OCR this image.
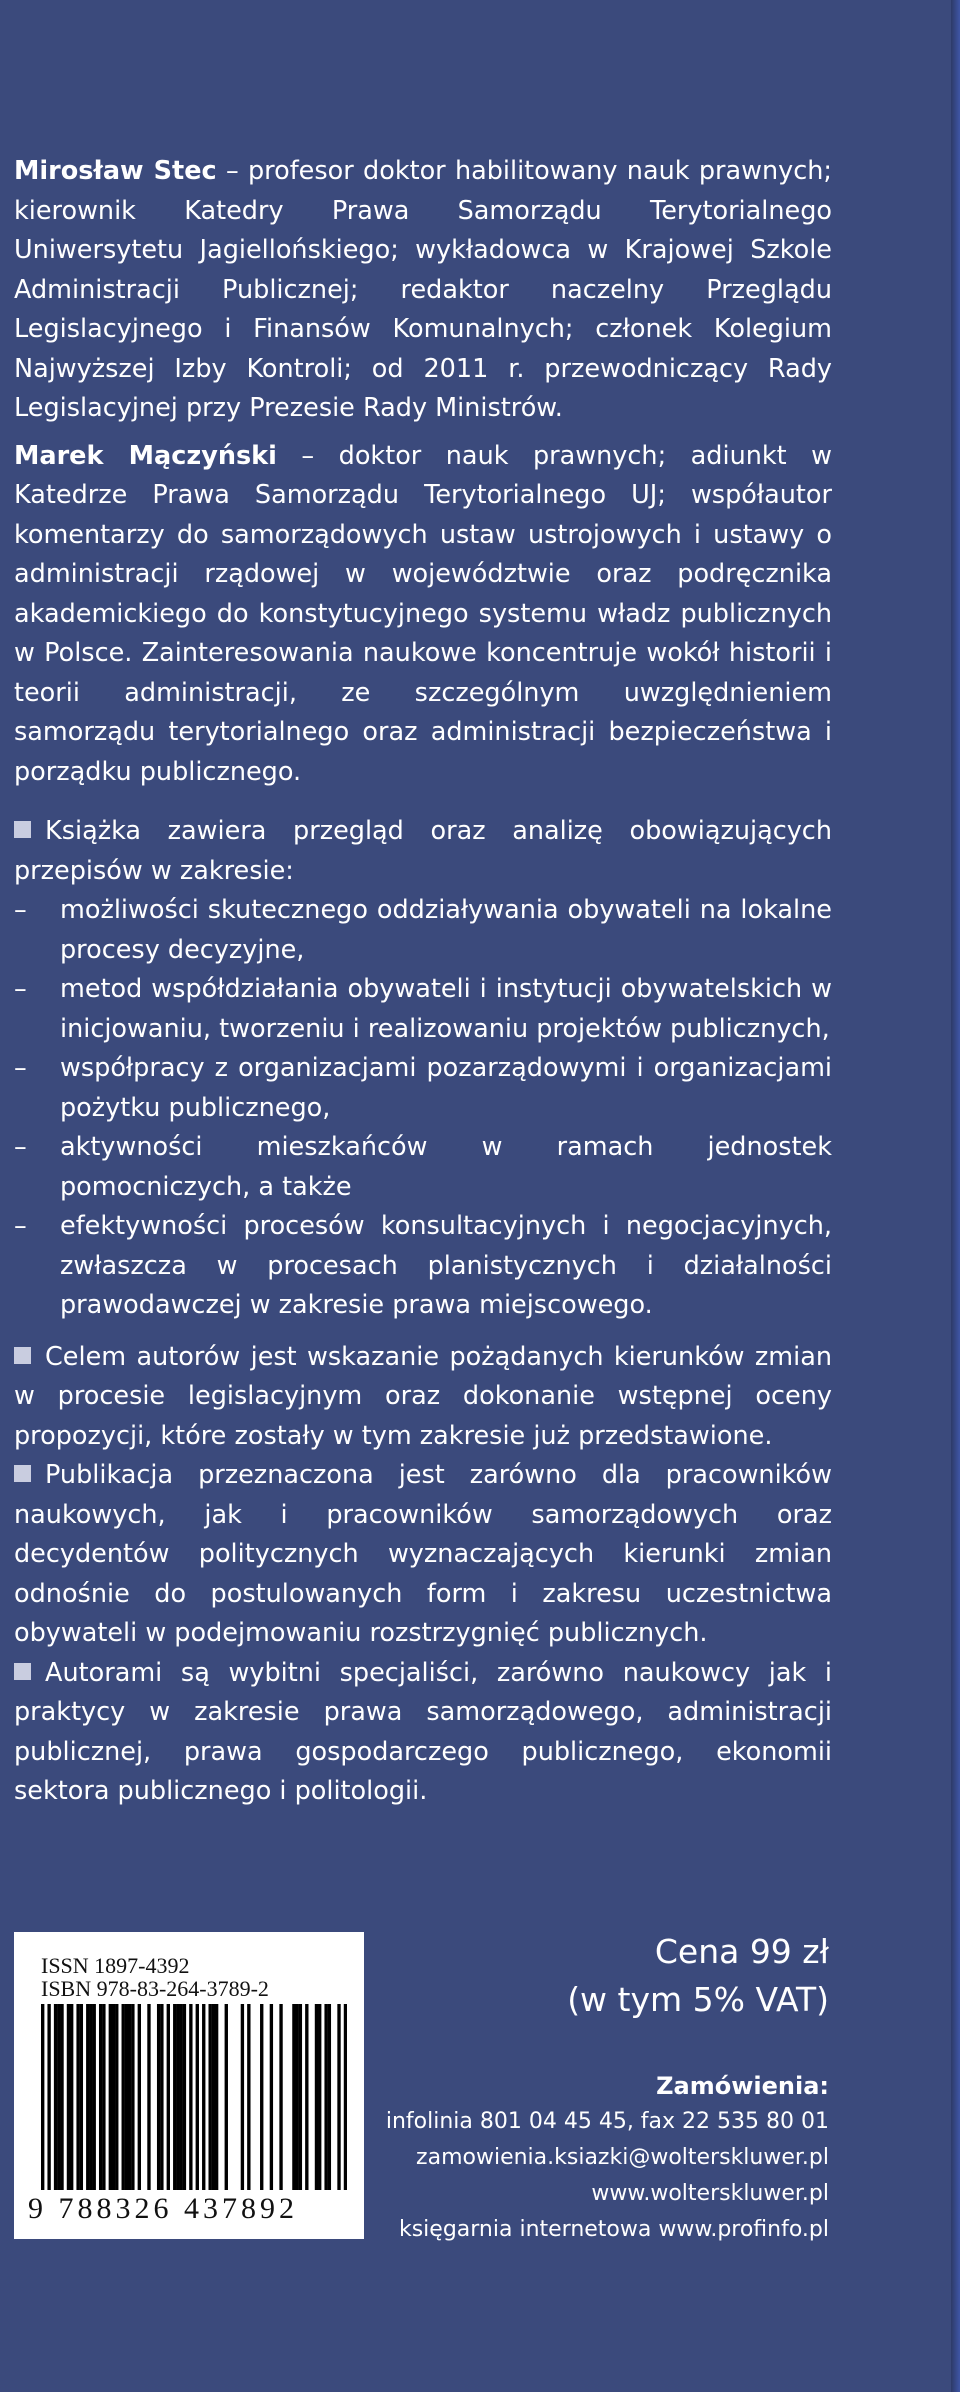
Mirosław Stec – profesor doktor habilitowany nauk prawnych; kierownik Katedry Prawa Samorządu Terytorialnego Uniwersytetu Jagiellońskiego; wykładowca w Krajowej Szkole Administracji Publicznej; redaktor naczelny Przeglądu Legislacyjnego i Finansów Komunalnych; członek Kolegium Najwyższej Izby Kontroli; od 2011 r. przewodniczący Rady Legislacyjnej przy Prezesie Rady Ministrów.

Marek Mączyński – doktor nauk prawnych; adiunkt w Katedrze Prawa Samorządu Terytorialnego UJ; współautor komentarzy do samorządowych ustaw ustrojowych i ustawy o administracji rządowej w województwie oraz podręcznika akademickiego do konstytucyjnego systemu władz publicznych w Polsce. Zainteresowania naukowe koncentruje wokół historii i teorii administracji, ze szczególnym uwzględnieniem samorządu terytorialnego oraz administracji bezpieczeństwa i porządku publicznego.

Książka zawiera przegląd oraz analizę obowiązujących przepisów w zakresie:

– możliwości skutecznego oddziaływania obywateli na lokalne procesy decyzyjne,
– metod współdziałania obywateli i instytucji obywatelskich w inicjowaniu, tworzeniu i realizowaniu projektów publicznych,
– współpracy z organizacjami pozarządowymi i organizacjami pożytku publicznego,
– aktywności mieszkańców w ramach jednostek pomocniczych, a także
– efektywności procesów konsultacyjnych i negocjacyjnych, zwłaszcza w procesach planistycznych i działalności prawodawczej w zakresie prawa miejscowego.

Celem autorów jest wskazanie pożądanych kierunków zmian w procesie legislacyjnym oraz dokonanie wstępnej oceny propozycji, które zostały w tym zakresie już przedstawione.

Publikacja przeznaczona jest zarówno dla pracowników naukowych, jak i pracowników samorządowych oraz decydentów politycznych wyznaczających kierunki zmian odnośnie do postulowanych form i zakresu uczestnictwa obywateli w podejmowaniu rozstrzygnięć publicznych.

Autorami są wybitni specjaliści, zarówno naukowcy jak i praktycy w zakresie prawa samorządowego, administracji publicznej, prawa gospodarczego publicznego, ekonomii sektora publicznego i politologii.

ISSN 1897-4392
ISBN 978-83-264-3789-2
9 788326 437892
Cena 99 zł
(w tym 5% VAT)
Zamówienia:
infolinia 801 04 45 45, fax 22 535 80 01
zamowienia.ksiazki@wolterskluwer.pl
www.wolterskluwer.pl
księgarnia internetowa www.profinfo.pl
